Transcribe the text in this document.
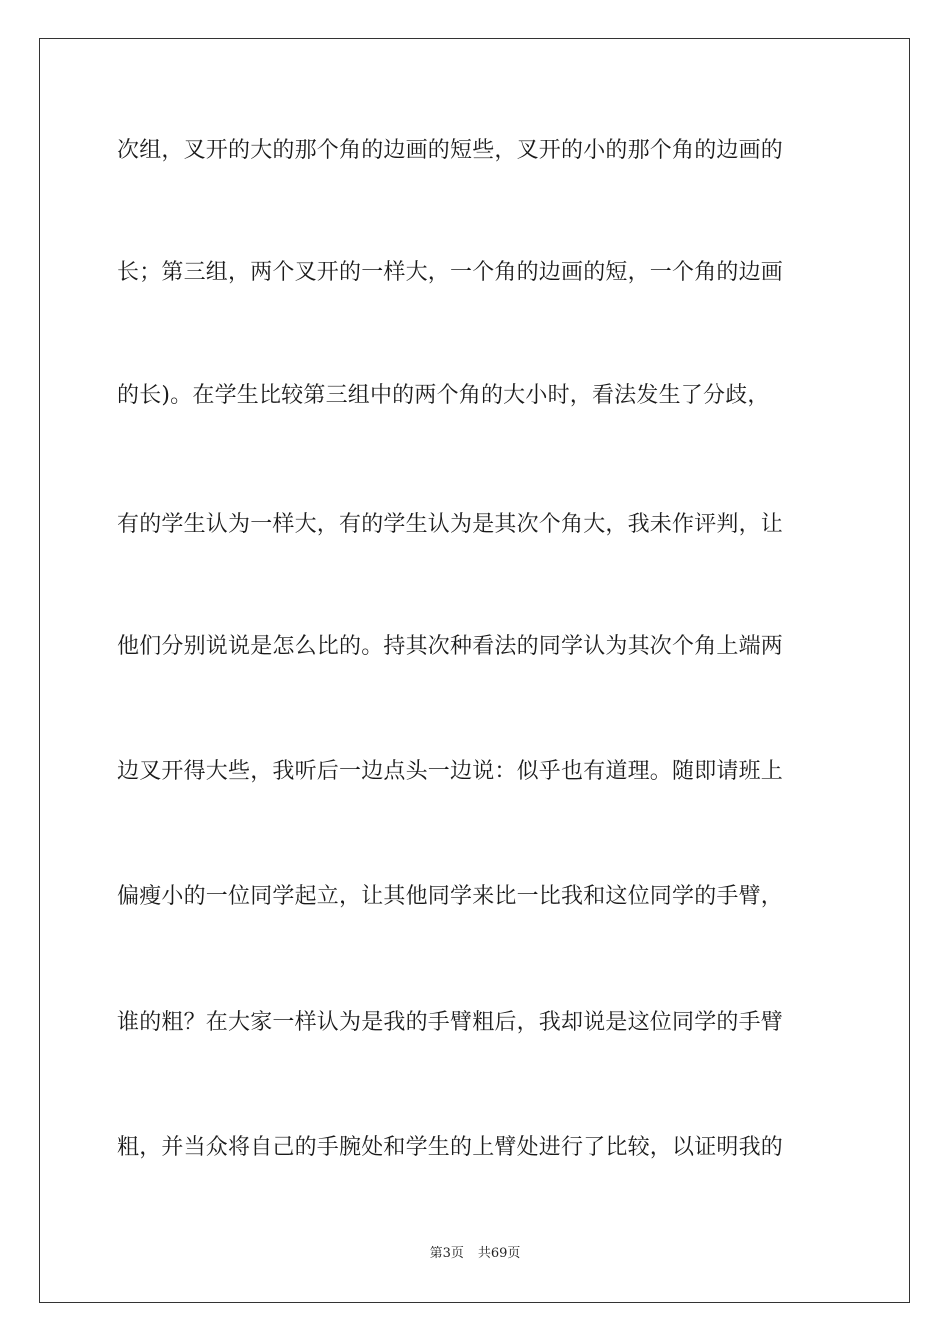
次组，叉开的大的那个角的边画的短些，叉开的小的那个角的边画的
长；第三组，两个叉开的一样大，一个角的边画的短，一个角的边画
的长)。在学生比较第三组中的两个角的大小时，看法发生了分歧，
有的学生认为一样大，有的学生认为是其次个角大，我未作评判，让
他们分别说说是怎么比的。持其次种看法的同学认为其次个角上端两
边叉开得大些，我听后一边点头一边说：似乎也有道理。随即请班上
偏瘦小的一位同学起立，让其他同学来比一比我和这位同学的手臂，
谁的粗？在大家一样认为是我的手臂粗后，我却说是这位同学的手臂
粗，并当众将自己的手腕处和学生的上臂处进行了比较，以证明我的
第3页 共69页
